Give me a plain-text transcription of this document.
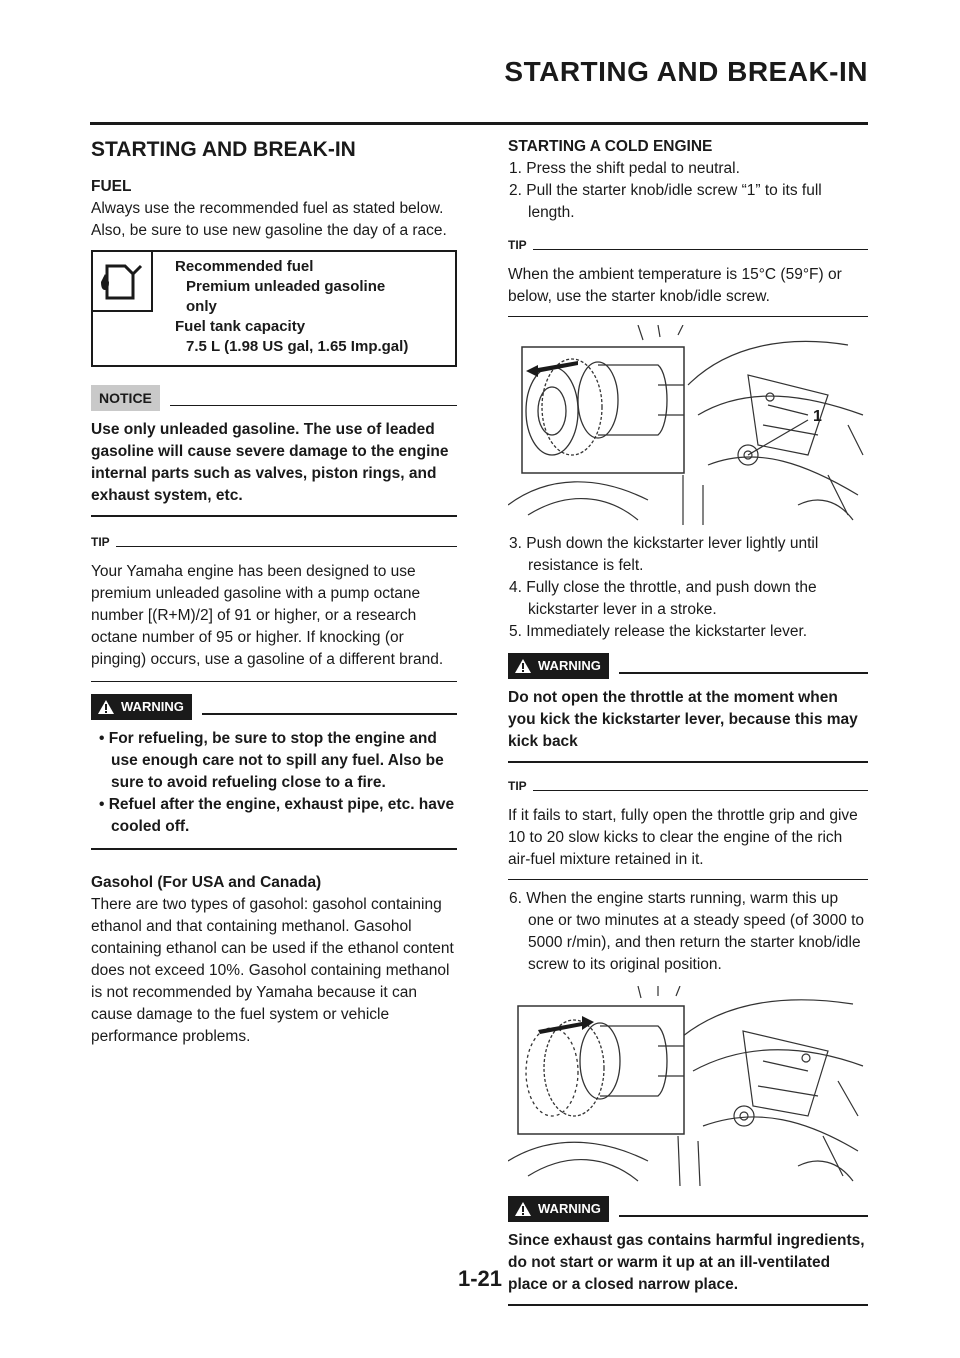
STARTING AND BREAK-IN
STARTING AND BREAK-IN

FUEL

Always use the recommended fuel as stated below. Also, be sure to use new gasoline the day of a race.

Recommended fuel
Premium unleaded gasoline
only
Fuel tank capacity
7.5 L (1.98 US gal, 1.65 Imp.gal)
NOTICE

Use only unleaded gasoline. The use of leaded gasoline will cause severe damage to the engine internal parts such as valves, piston rings, and exhaust system, etc.

TIP

Your Yamaha engine has been designed to use premium unleaded gasoline with a pump octane number [(R+M)/2] of 91 or higher, or a research octane number of 95 or higher. If knocking (or pinging) occurs, use a gasoline of a different brand.

WARNING

• For refueling, be sure to stop the engine and use enough care not to spill any fuel. Also be sure to avoid refueling close to a fire.

• Refuel after the engine, exhaust pipe, etc. have cooled off.

Gasohol (For USA and Canada)

There are two types of gasohol: gasohol containing ethanol and that containing methanol. Gasohol containing ethanol can be used if the ethanol content does not exceed 10%. Gasohol containing methanol is not recommended by Yamaha because it can cause damage to the fuel system or vehicle performance problems.

STARTING A COLD ENGINE

1. Press the shift pedal to neutral.

2. Pull the starter knob/idle screw “1” to its full length.

TIP

When the ambient temperature is 15°C (59°F) or below, use the starter knob/idle screw.

1

3. Push down the kickstarter lever lightly until resistance is felt.

4. Fully close the throttle, and push down the kickstarter lever in a stroke.

5. Immediately release the kickstarter lever.

WARNING

Do not open the throttle at the moment when you kick the kickstarter lever, because this may kick back

TIP

If it fails to start, fully open the throttle grip and give 10 to 20 slow kicks to clear the engine of the rich air-fuel mixture retained in it.

6. When the engine starts running, warm this up one or two minutes at a steady speed (of 3000 to 5000 r/min), and then return the starter knob/idle screw to its original position.

WARNING

Since exhaust gas contains harmful ingredients, do not start or warm it up at an ill-ventilated place or a closed narrow place.

1-21
